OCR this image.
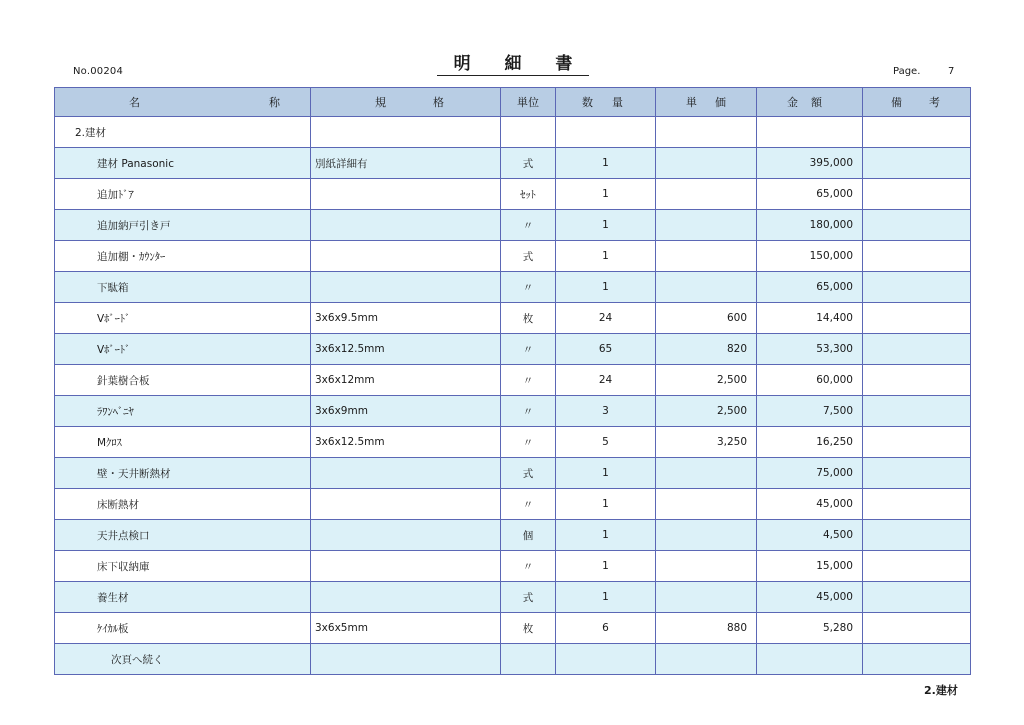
No.00204	明 細 書	Page.	7
名 称	規 格	単位	数 量	単 価	金 額	備 考

2.建材						
建材 Panasonic	別紙詳細有	式	1		395,000	
追加ﾄﾞｱ		ｾｯﾄ	1		65,000	
追加納戸引き戸		〃	1		180,000	
追加棚・ｶｳﾝﾀｰ		式	1		150,000	
下駄箱		〃	1		65,000	
Vﾎﾞｰﾄﾞ	3x6x9.5mm	枚	24	600	14,400	
Vﾎﾞｰﾄﾞ	3x6x12.5mm	〃	65	820	53,300	
針葉樹合板	3x6x12mm	〃	24	2,500	60,000	
ﾗﾜﾝﾍﾞﾆﾔ	3x6x9mm	〃	3	2,500	7,500	
Mｸﾛｽ	3x6x12.5mm	〃	5	3,250	16,250	
壁・天井断熱材		式	1		75,000	
床断熱材		〃	1		45,000	
天井点検口		個	1		4,500	
床下収納庫		〃	1		15,000	
養生材		式	1		45,000	
ｹｲｶﾙ板	3x6x5mm	枚	6	880	5,280	
次頁へ続く						
2.建材
